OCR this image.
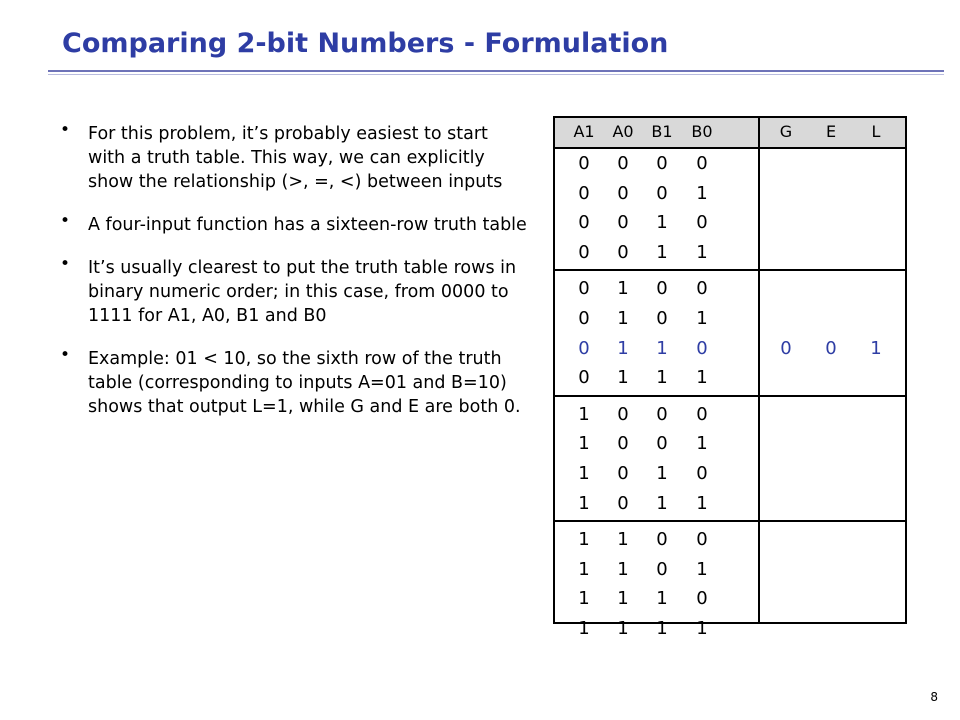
Comparing 2-bit Numbers - Formulation
• For this problem, it’s probably easiest to start with a truth table. This way, we can explicitly show the relationship (>, =, <) between inputs
• A four-input function has a sixteen-row truth table
• It’s usually clearest to put the truth table rows in binary numeric order; in this case, from 0000 to 1111 for A1, A0, B1 and B0
• Example: 01 < 10, so the sixth row of the truth table (corresponding to inputs A=01 and B=10) shows that output L=1, while G and E are both 0.
A1	A0	B1	B0	G	E	L
0	0	0	0
0	0	0	1
0	0	1	0
0	0	1	1
0	1	0	0
0	1	0	1
0	1	1	0	0	0	1
0	1	1	1
1	0	0	0
1	0	0	1
1	0	1	0
1	0	1	1
1	1	0	0
1	1	0	1
1	1	1	0
1	1	1	1
8
